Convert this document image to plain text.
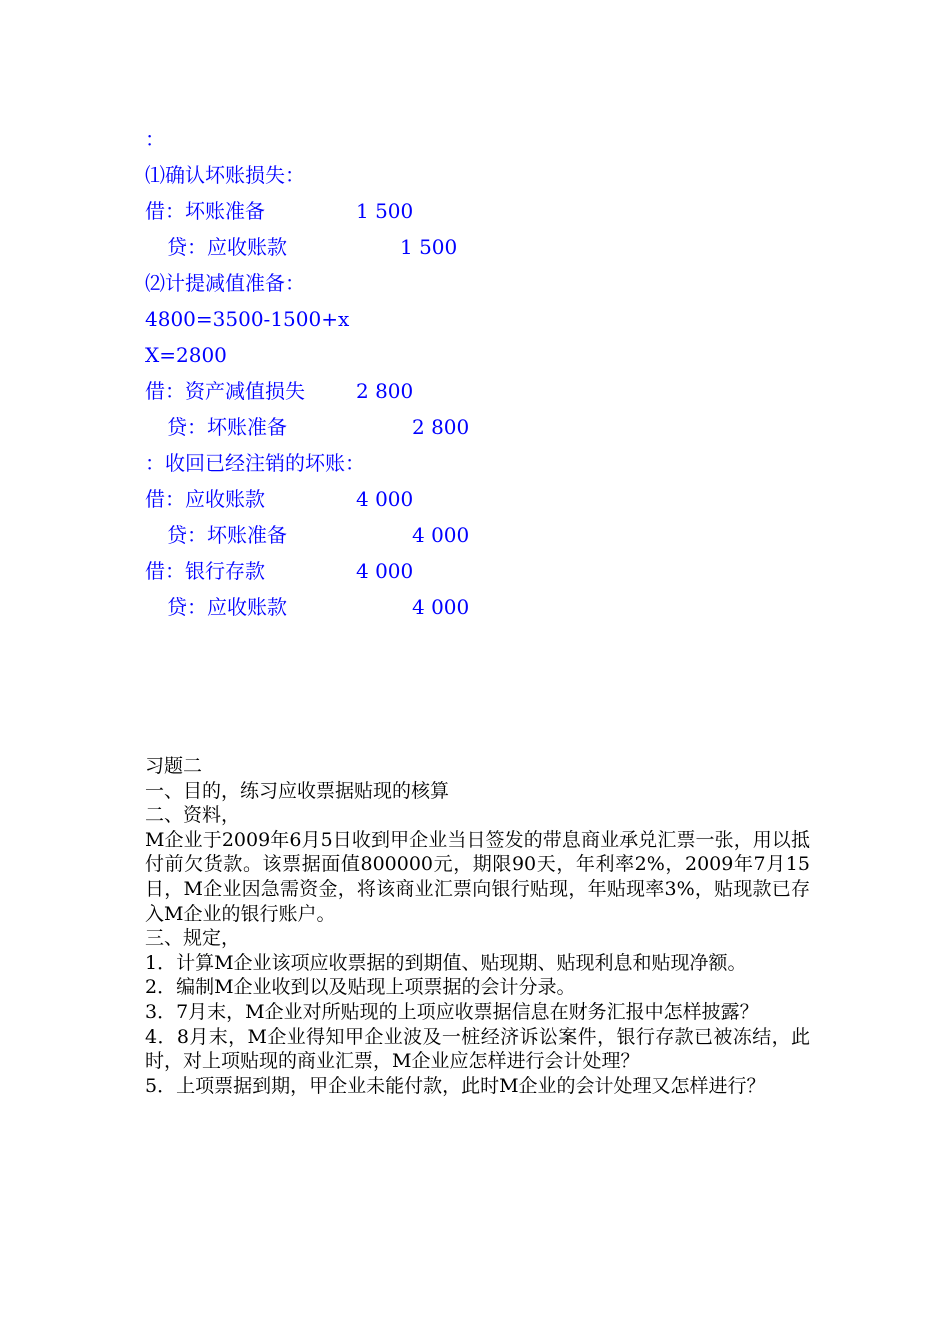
：
⑴确认坏账损失：
借：坏账准备	1 500
贷：应收账款	1 500
⑵计提减值准备：
4800=3500-1500+x
X=2800
借：资产减值损失	2 800
贷：坏账准备	2 800
：收回已经注销的坏账：
借：应收账款	4 000
贷：坏账准备	4 000
借：银行存款	4 000
贷：应收账款	4 000

习题二

一、目的，练习应收票据贴现的核算

二、资料，

M企业于2009年6月5日收到甲企业当日签发的带息商业承兑汇票一张，用以抵付前欠货款。该票据面值800000元，期限90天，年利率2%，2009年7月15日，M企业因急需资金，将该商业汇票向银行贴现，年贴现率3%，贴现款已存入M企业的银行账户。

三、规定，

1．计算M企业该项应收票据的到期值、贴现期、贴现利息和贴现净额。

2．编制M企业收到以及贴现上项票据的会计分录。

3．7月末，M企业对所贴现的上项应收票据信息在财务汇报中怎样披露？

4．8月末，M企业得知甲企业波及一桩经济诉讼案件，银行存款已被冻结，此时，对上项贴现的商业汇票，M企业应怎样进行会计处理？

5．上项票据到期，甲企业未能付款，此时M企业的会计处理又怎样进行？
